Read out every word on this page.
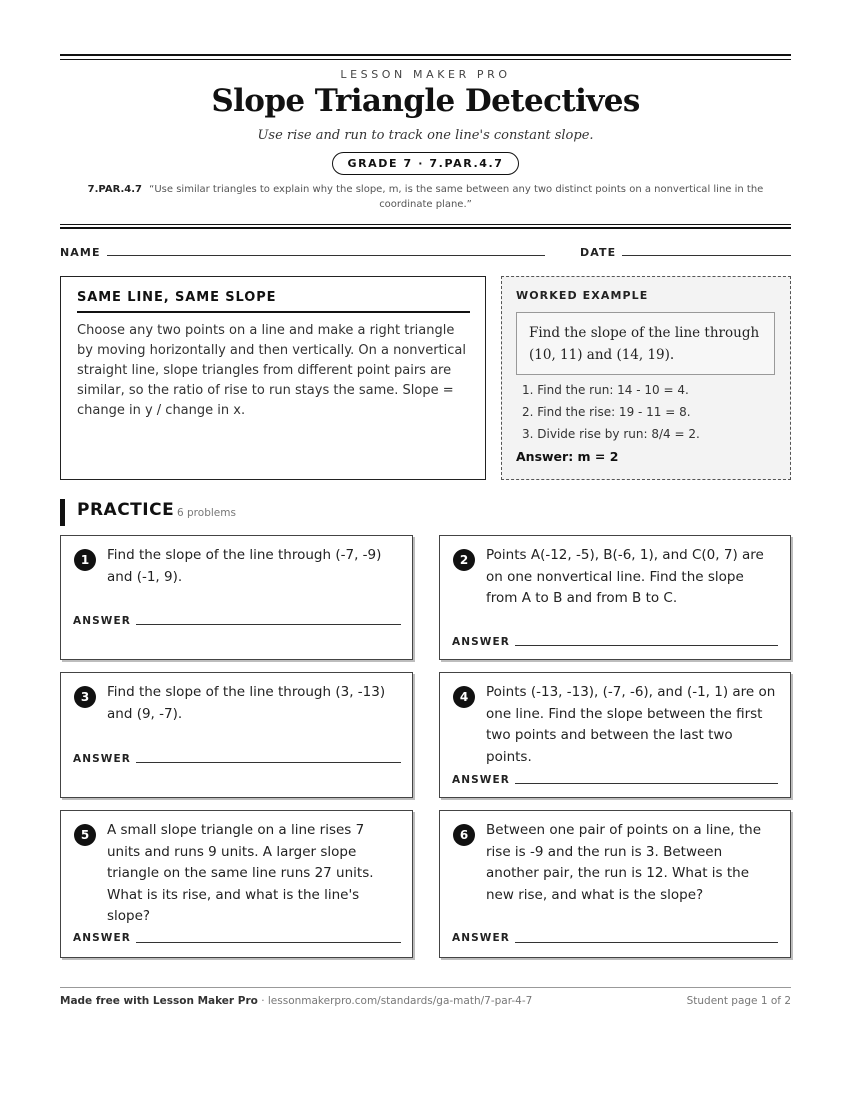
LESSON MAKER PRO
Slope Triangle Detectives
Use rise and run to track one line's constant slope.
GRADE 7 · 7.PAR.4.7
7.PAR.4.7 “Use similar triangles to explain why the slope, m, is the same between any two distinct points on a nonvertical line in the coordinate plane.”
NAME	DATE
SAME LINE, SAME SLOPE
Choose any two points on a line and make a right triangle by moving horizontally and then vertically. On a nonvertical straight line, slope triangles from different point pairs are similar, so the ratio of rise to run stays the same. Slope = change in y / change in x.
WORKED EXAMPLE
Find the slope of the line through (10, 11) and (14, 19).
1. Find the run: 14 - 10 = 4.
2. Find the rise: 19 - 11 = 8.
3. Divide rise by run: 8/4 = 2.
Answer: m = 2
PRACTICE 6 problems
1	Find the slope of the line through (-7, -9) and (-1, 9).
ANSWER
2	Points A(-12, -5), B(-6, 1), and C(0, 7) are on one nonvertical line. Find the slope from A to B and from B to C.
ANSWER
3	Find the slope of the line through (3, -13) and (9, -7).
ANSWER
4	Points (-13, -13), (-7, -6), and (-1, 1) are on one line. Find the slope between the first two points and between the last two points.
ANSWER
5	A small slope triangle on a line rises 7 units and runs 9 units. A larger slope triangle on the same line runs 27 units. What is its rise, and what is the line's slope?
ANSWER
6	Between one pair of points on a line, the rise is -9 and the run is 3. Between another pair, the run is 12. What is the new rise, and what is the slope?
ANSWER
Made free with Lesson Maker Pro · lessonmakerpro.com/standards/ga-math/7-par-4-7	Student page 1 of 2
